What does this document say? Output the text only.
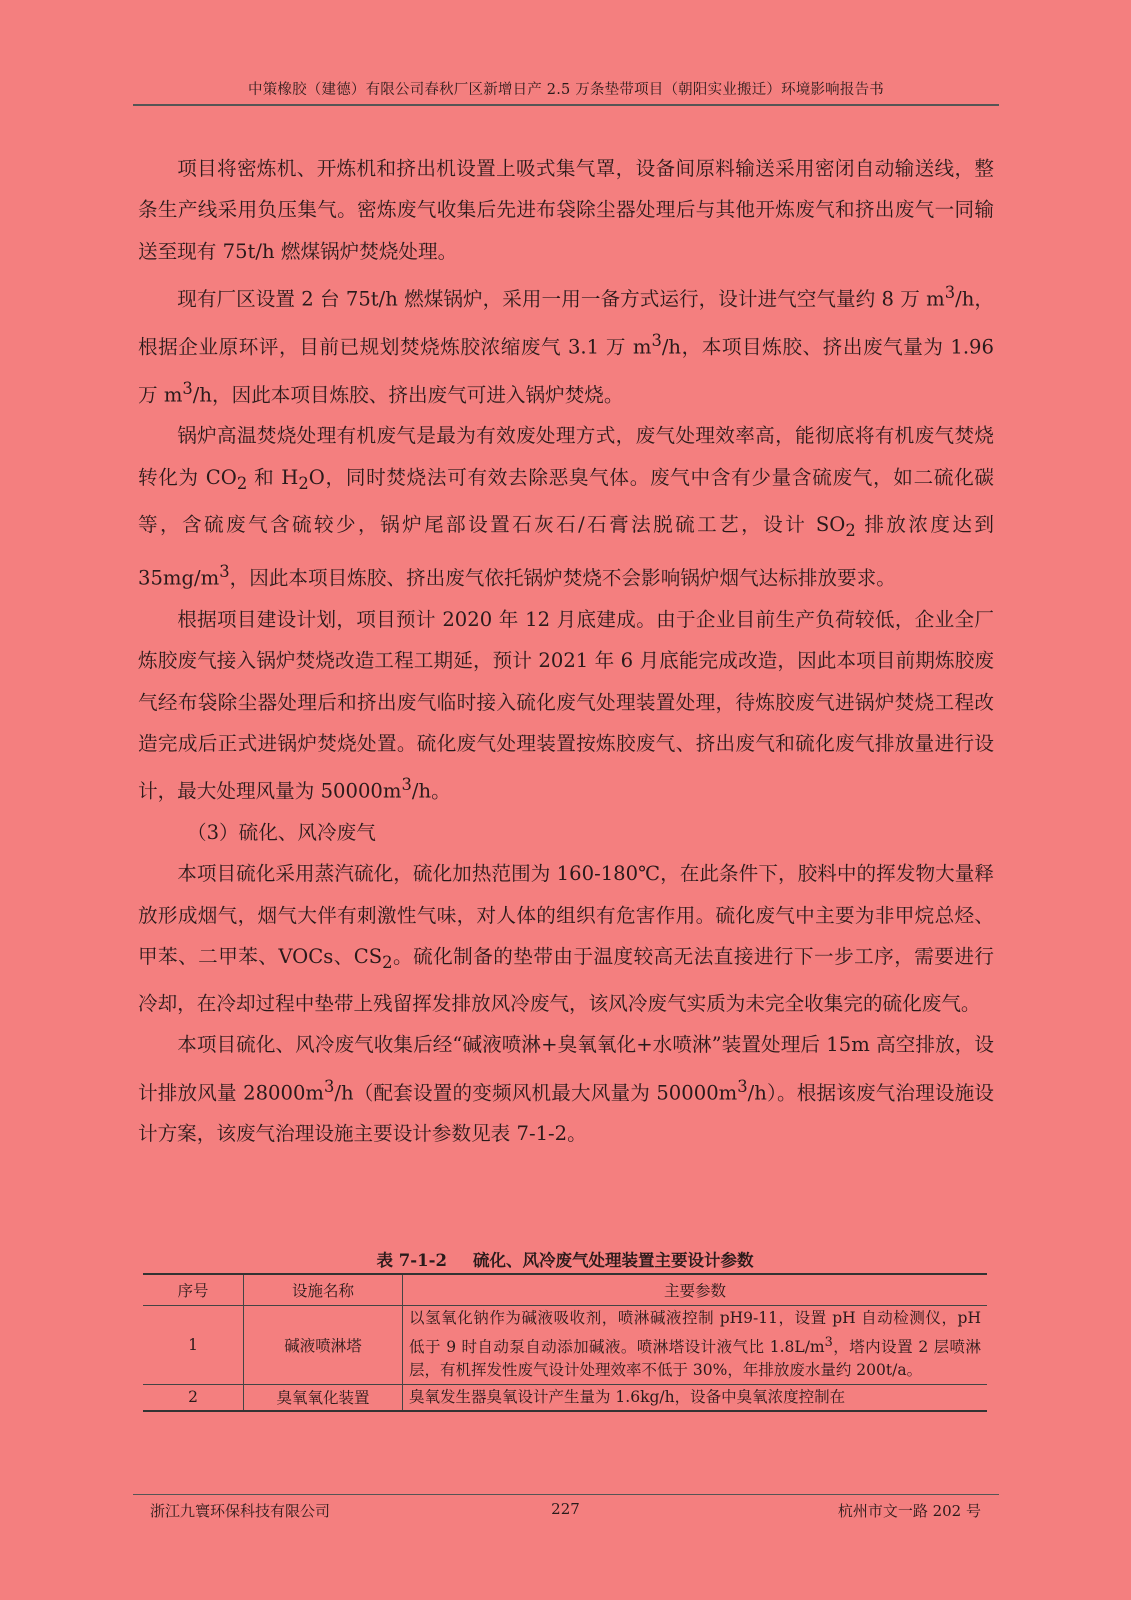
中策橡胶（建德）有限公司春秋厂区新增日产 2.5 万条垫带项目（朝阳实业搬迁）环境影响报告书

项目将密炼机、开炼机和挤出机设置上吸式集气罩，设备间原料输送采用密闭自动输送线，整条生产线采用负压集气。密炼废气收集后先进布袋除尘器处理后与其他开炼废气和挤出废气一同输送至现有 75t/h 燃煤锅炉焚烧处理。

现有厂区设置 2 台 75t/h 燃煤锅炉，采用一用一备方式运行，设计进气空气量约 8 万 $m^3/h$，根据企业原环评，目前已规划焚烧炼胶浓缩废气 3.1 万 $m^3/h$，本项目炼胶、挤出废气量为 1.96 万 $m^3/h$，因此本项目炼胶、挤出废气可进入锅炉焚烧。

锅炉高温焚烧处理有机废气是最为有效废处理方式，废气处理效率高，能彻底将有机废气焚烧转化为 $CO_2$ 和 $H_2O$，同时焚烧法可有效去除恶臭气体。废气中含有少量含硫废气，如二硫化碳等，含硫废气含硫较少，锅炉尾部设置石灰石/石膏法脱硫工艺，设计 $SO_2$ 排放浓度达到 $35mg/m^3$，因此本项目炼胶、挤出废气依托锅炉焚烧不会影响锅炉烟气达标排放要求。

根据项目建设计划，项目预计 2020 年 12 月底建成。由于企业目前生产负荷较低，企业全厂炼胶废气接入锅炉焚烧改造工程工期延，预计 2021 年 6 月底能完成改造，因此本项目前期炼胶废气经布袋除尘器处理后和挤出废气临时接入硫化废气处理装置处理，待炼胶废气进锅炉焚烧工程改造完成后正式进锅炉焚烧处置。硫化废气处理装置按炼胶废气、挤出废气和硫化废气排放量进行设计，最大处理风量为 $50000m^3/h$。

（3）硫化、风冷废气

本项目硫化采用蒸汽硫化，硫化加热范围为 160-180℃，在此条件下，胶料中的挥发物大量释放形成烟气，烟气大伴有刺激性气味，对人体的组织有危害作用。硫化废气中主要为非甲烷总烃、甲苯、二甲苯、VOCs、$CS_2$。硫化制备的垫带由于温度较高无法直接进行下一步工序，需要进行冷却，在冷却过程中垫带上残留挥发排放风冷废气，该风冷废气实质为未完全收集完的硫化废气。

本项目硫化、风冷废气收集后经“碱液喷淋+臭氧氧化+水喷淋”装置处理后 15m 高空排放，设计排放风量 $28000m^3/h$（配套设置的变频风机最大风量为 $50000m^3/h$）。根据该废气治理设施设计方案，该废气治理设施主要设计参数见表 7-1-2。

表 7-1-2 硫化、风冷废气处理装置主要设计参数
序号	设施名称	主要参数
1	碱液喷淋塔	以氢氧化钠作为碱液吸收剂，喷淋碱液控制 pH9-11，设置 pH 自动检测仪，pH 低于 9 时自动泵自动添加碱液。喷淋塔设计液气比 $1.8L/m^3$，塔内设置 2 层喷淋层，有机挥发性废气设计处理效率不低于 30%，年排放废水量约 200t/a。
2	臭氧氧化装置	臭氧发生器臭氧设计产生量为 1.6kg/h，设备中臭氧浓度控制在
浙江九寰环保科技有限公司	227	杭州市文一路 202 号
